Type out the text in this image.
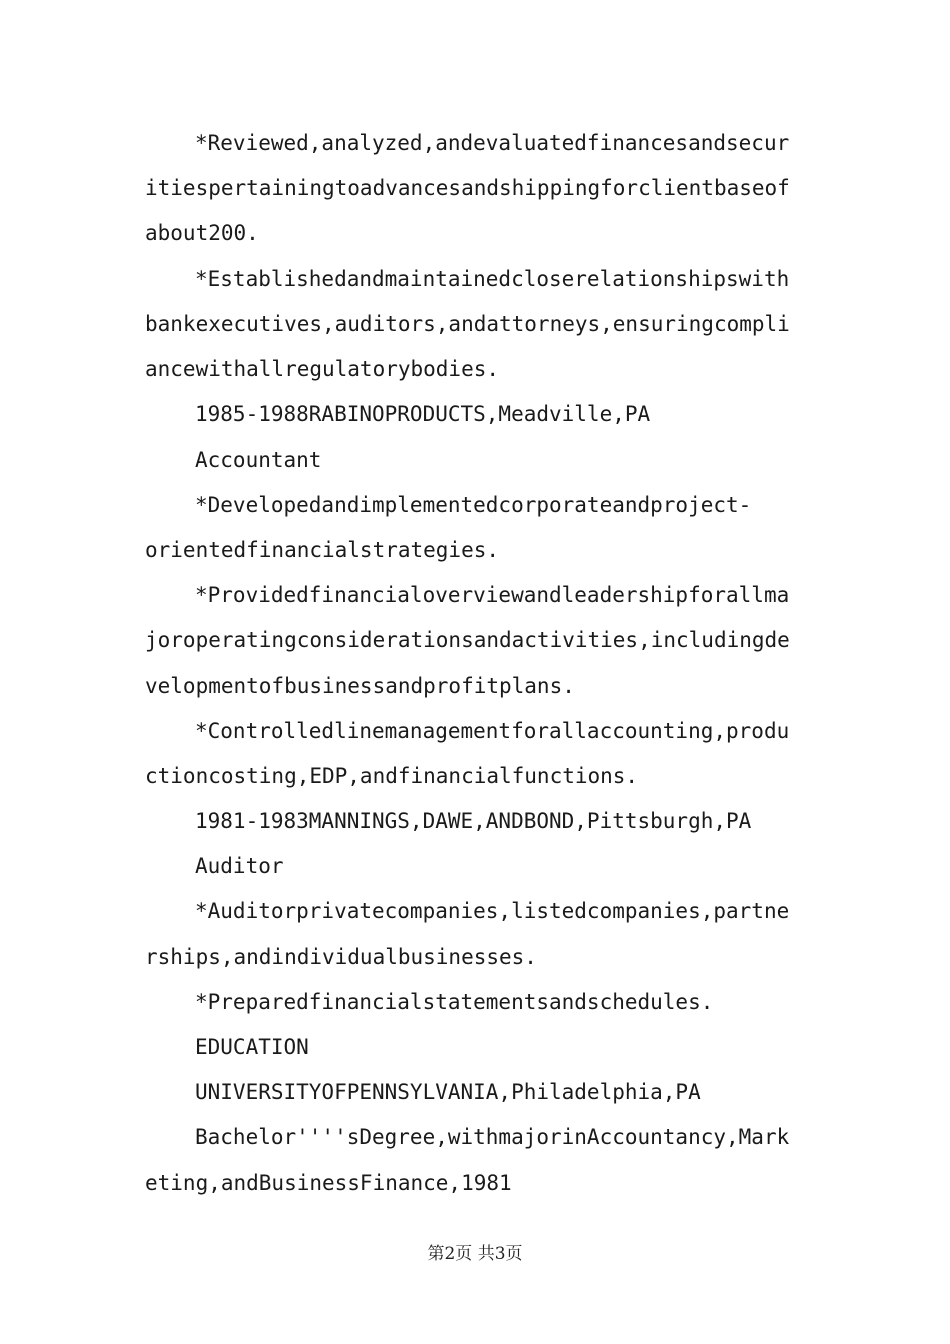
*Reviewed,analyzed,andevaluatedfinancesandsecur
itiespertainingtoadvancesandshippingforclientbaseof
about200.
*Establishedandmaintainedcloserelationshipswith
bankexecutives,auditors,andattorneys,ensuringcompli
ancewithallregulatorybodies.
1985-1988RABINOPRODUCTS,Meadville,PA
Accountant
*Developedandimplementedcorporateandproject-
orientedfinancialstrategies.
*Providedfinancialoverviewandleadershipforallma
joroperatingconsiderationsandactivities,includingde
velopmentofbusinessandprofitplans.
*Controlledlinemanagementforallaccounting,produ
ctioncosting,EDP,andfinancialfunctions.
1981-1983MANNINGS,DAWE,ANDBOND,Pittsburgh,PA
Auditor
*Auditorprivatecompanies,listedcompanies,partne
rships,andindividualbusinesses.
*Preparedfinancialstatementsandschedules.
EDUCATION
UNIVERSITYOFPENNSYLVANIA,Philadelphia,PA
Bachelor''''sDegree,withmajorinAccountancy,Mark
eting,andBusinessFinance,1981
第2页 共3页
